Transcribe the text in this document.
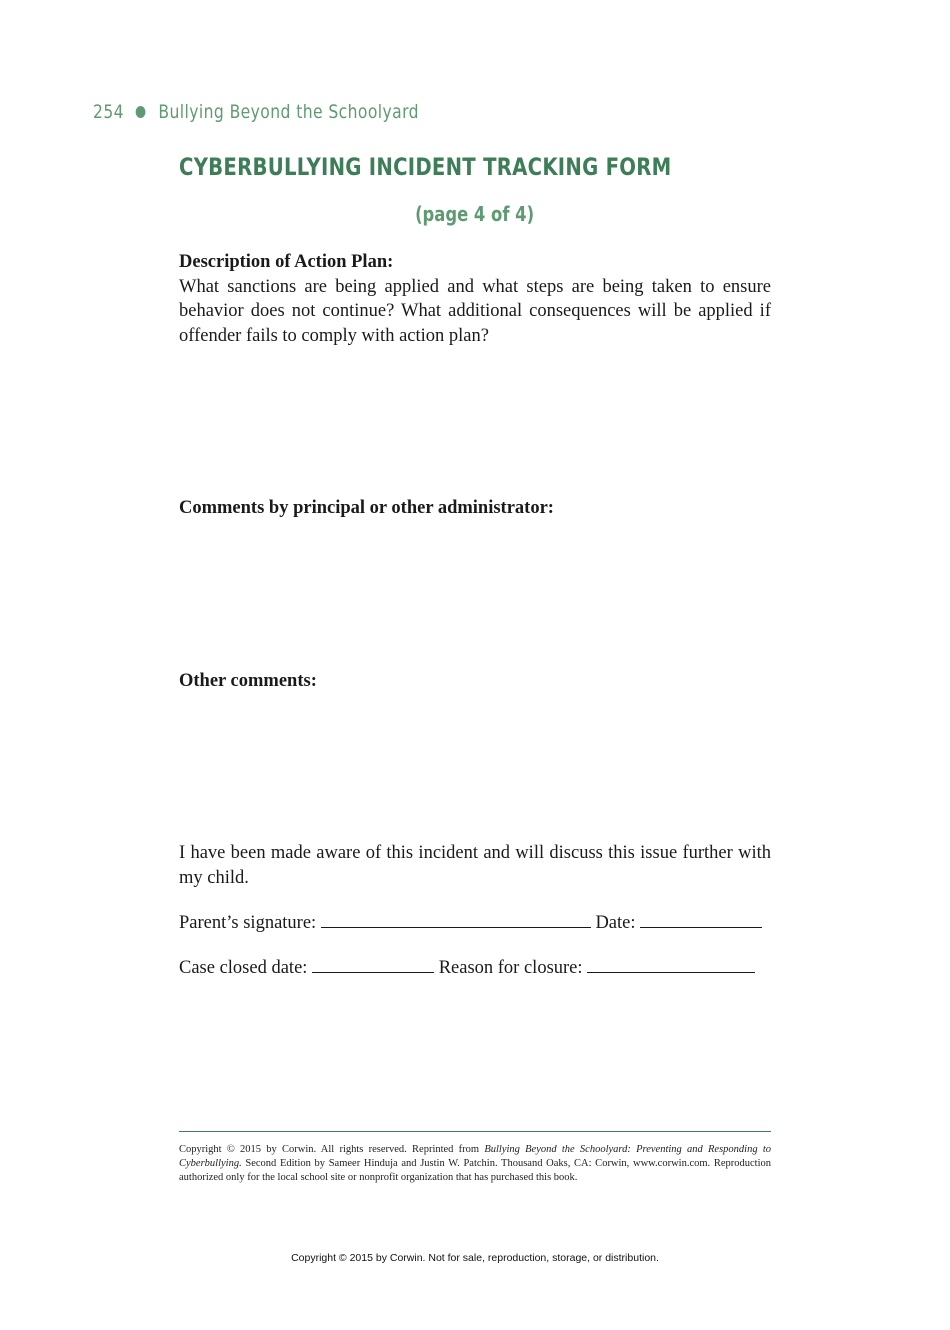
254 Bullying Beyond the Schoolyard
CYBERBULLYING INCIDENT TRACKING FORM
(page 4 of 4)
Description of Action Plan:
What sanctions are being applied and what steps are being taken to ensure behavior does not continue? What additional consequences will be applied if offender fails to comply with action plan?
Comments by principal or other administrator:
Other comments:
I have been made aware of this incident and will discuss this issue further with my child.
Parent’s signature:	Date:
Case closed date:	Reason for closure:
Copyright © 2015 by Corwin. All rights reserved. Reprinted from Bullying Beyond the Schoolyard: Preventing and Responding to Cyberbullying. Second Edition by Sameer Hinduja and Justin W. Patchin. Thousand Oaks, CA: Corwin, www.corwin.com. Reproduction authorized only for the local school site or nonprofit organization that has purchased this book.
Copyright © 2015 by Corwin. Not for sale, reproduction, storage, or distribution.
